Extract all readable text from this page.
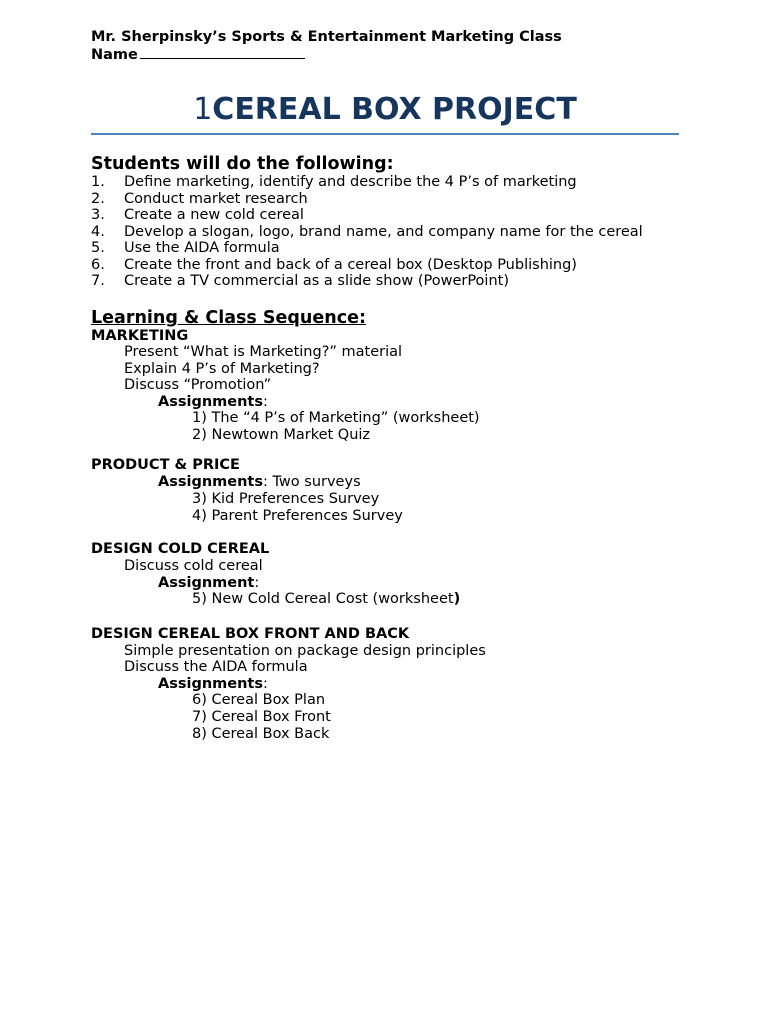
Mr. Sherpinsky’s Sports & Entertainment Marketing Class
Name
1CEREAL BOX PROJECT
Students will do the following:
1. Define marketing, identify and describe the 4 P’s of marketing
2. Conduct market research
3. Create a new cold cereal
4. Develop a slogan, logo, brand name, and company name for the cereal
5. Use the AIDA formula
6. Create the front and back of a cereal box (Desktop Publishing)
7. Create a TV commercial as a slide show (PowerPoint)
Learning & Class Sequence:
MARKETING
Present “What is Marketing?” material
Explain 4 P’s of Marketing?
Discuss “Promotion”
Assignments:
1) The “4 P’s of Marketing” (worksheet)
2) Newtown Market Quiz
PRODUCT & PRICE
Assignments: Two surveys
3) Kid Preferences Survey
4) Parent Preferences Survey
DESIGN COLD CEREAL
Discuss cold cereal
Assignment:
5) New Cold Cereal Cost (worksheet)
DESIGN CEREAL BOX FRONT AND BACK
Simple presentation on package design principles
Discuss the AIDA formula
Assignments:
6) Cereal Box Plan
7) Cereal Box Front
8) Cereal Box Back
